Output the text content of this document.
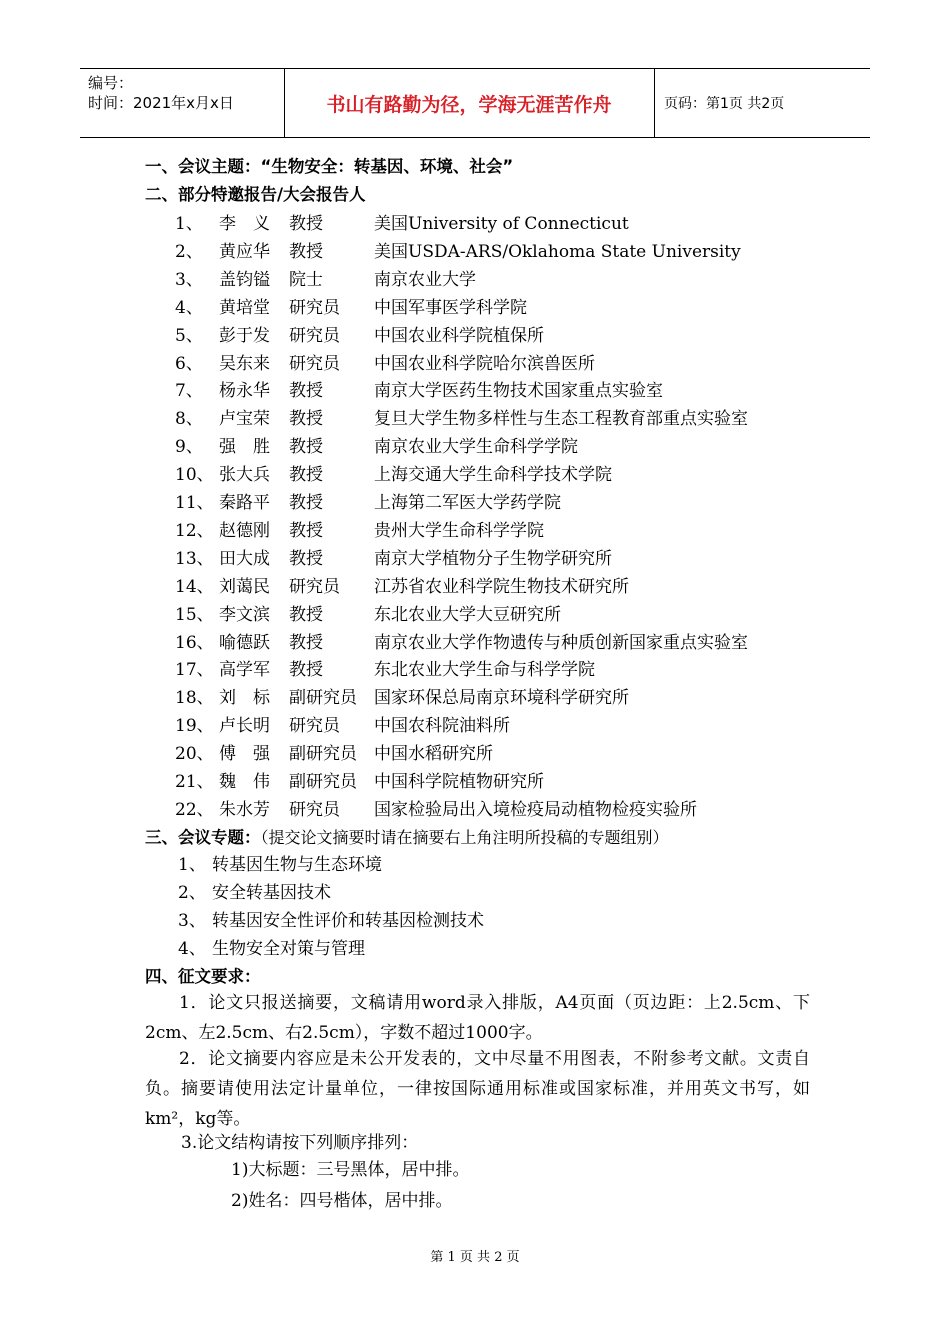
编号：
时间：2021年x月x日	书山有路勤为径，学海无涯苦作舟	页码：第1页 共2页
一、会议主题：“生物安全：转基因、环境、社会”
二、部分特邀报告/大会报告人
1、 李　义 教授	美国University of Connecticut
2、 黄应华 教授	美国USDA-ARS/Oklahoma State University
3、 盖钧镒 院士	南京农业大学
4、 黄培堂 研究员 中国军事医学科学院
5、 彭于发 研究员 中国农业科学院植保所
6、 吴东来 研究员 中国农业科学院哈尔滨兽医所
7、 杨永华 教授	南京大学医药生物技术国家重点实验室
8、 卢宝荣 教授	复旦大学生物多样性与生态工程教育部重点实验室
9、 强　胜 教授	南京农业大学生命科学学院
10、 张大兵 教授	上海交通大学生命科学技术学院
11、 秦路平 教授	上海第二军医大学药学院
12、 赵德刚 教授	贵州大学生命科学学院
13、 田大成 教授	南京大学植物分子生物学研究所
14、 刘蔼民 研究员 江苏省农业科学院生物技术研究所
15、 李文滨 教授	东北农业大学大豆研究所
16、 喻德跃 教授	南京农业大学作物遗传与种质创新国家重点实验室
17、 高学军 教授	东北农业大学生命与科学学院
18、 刘　标 副研究员 国家环保总局南京环境科学研究所
19、 卢长明 研究员 中国农科院油料所
20、 傅　强 副研究员 中国水稻研究所
21、 魏　伟 副研究员 中国科学院植物研究所
22、 朱水芳 研究员 国家检验局出入境检疫局动植物检疫实验所
三、会议专题：（提交论文摘要时请在摘要右上角注明所投稿的专题组别）
1、 转基因生物与生态环境
2、 安全转基因技术
3、 转基因安全性评价和转基因检测技术
4、 生物安全对策与管理
四、征文要求：
1．论文只报送摘要，文稿请用word录入排版，A4页面（页边距：上2.5cm、下2cm、左2.5cm、右2.5cm），字数不超过1000字。
2．论文摘要内容应是未公开发表的，文中尽量不用图表，不附参考文献。文责自负。摘要请使用法定计量单位，一律按国际通用标准或国家标准，并用英文书写，如km²，kg等。
3.论文结构请按下列顺序排列：
1)大标题：三号黑体，居中排。
2)姓名：四号楷体，居中排。
第 1 页 共 2 页
